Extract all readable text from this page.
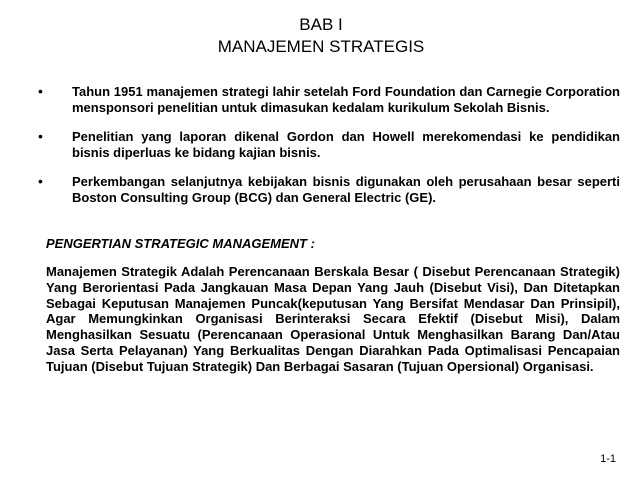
BAB I
MANAJEMEN STRATEGIS
• Tahun 1951 manajemen strategi lahir setelah Ford Foundation dan Carnegie Corporation mensponsori penelitian untuk dimasukan kedalam kurikulum Sekolah Bisnis.
• Penelitian yang laporan dikenal Gordon dan Howell merekomendasi ke pendidikan bisnis diperluas ke bidang kajian bisnis.
• Perkembangan selanjutnya kebijakan bisnis digunakan oleh perusahaan besar seperti Boston Consulting Group (BCG) dan General Electric (GE).
PENGERTIAN STRATEGIC MANAGEMENT :

Manajemen Strategik Adalah Perencanaan Berskala Besar ( Disebut Perencanaan Strategik) Yang Berorientasi Pada Jangkauan Masa Depan Yang Jauh (Disebut Visi), Dan Ditetapkan Sebagai Keputusan Manajemen Puncak(keputusan Yang Bersifat Mendasar Dan Prinsipil), Agar Memungkinkan Organisasi Berinteraksi Secara Efektif (Disebut Misi), Dalam Menghasilkan Sesuatu (Perencanaan Operasional Untuk Menghasilkan Barang Dan/Atau Jasa Serta Pelayanan) Yang Berkualitas Dengan Diarahkan Pada Optimalisasi Pencapaian Tujuan (Disebut Tujuan Strategik) Dan Berbagai Sasaran (Tujuan Opersional) Organisasi.

1-1
